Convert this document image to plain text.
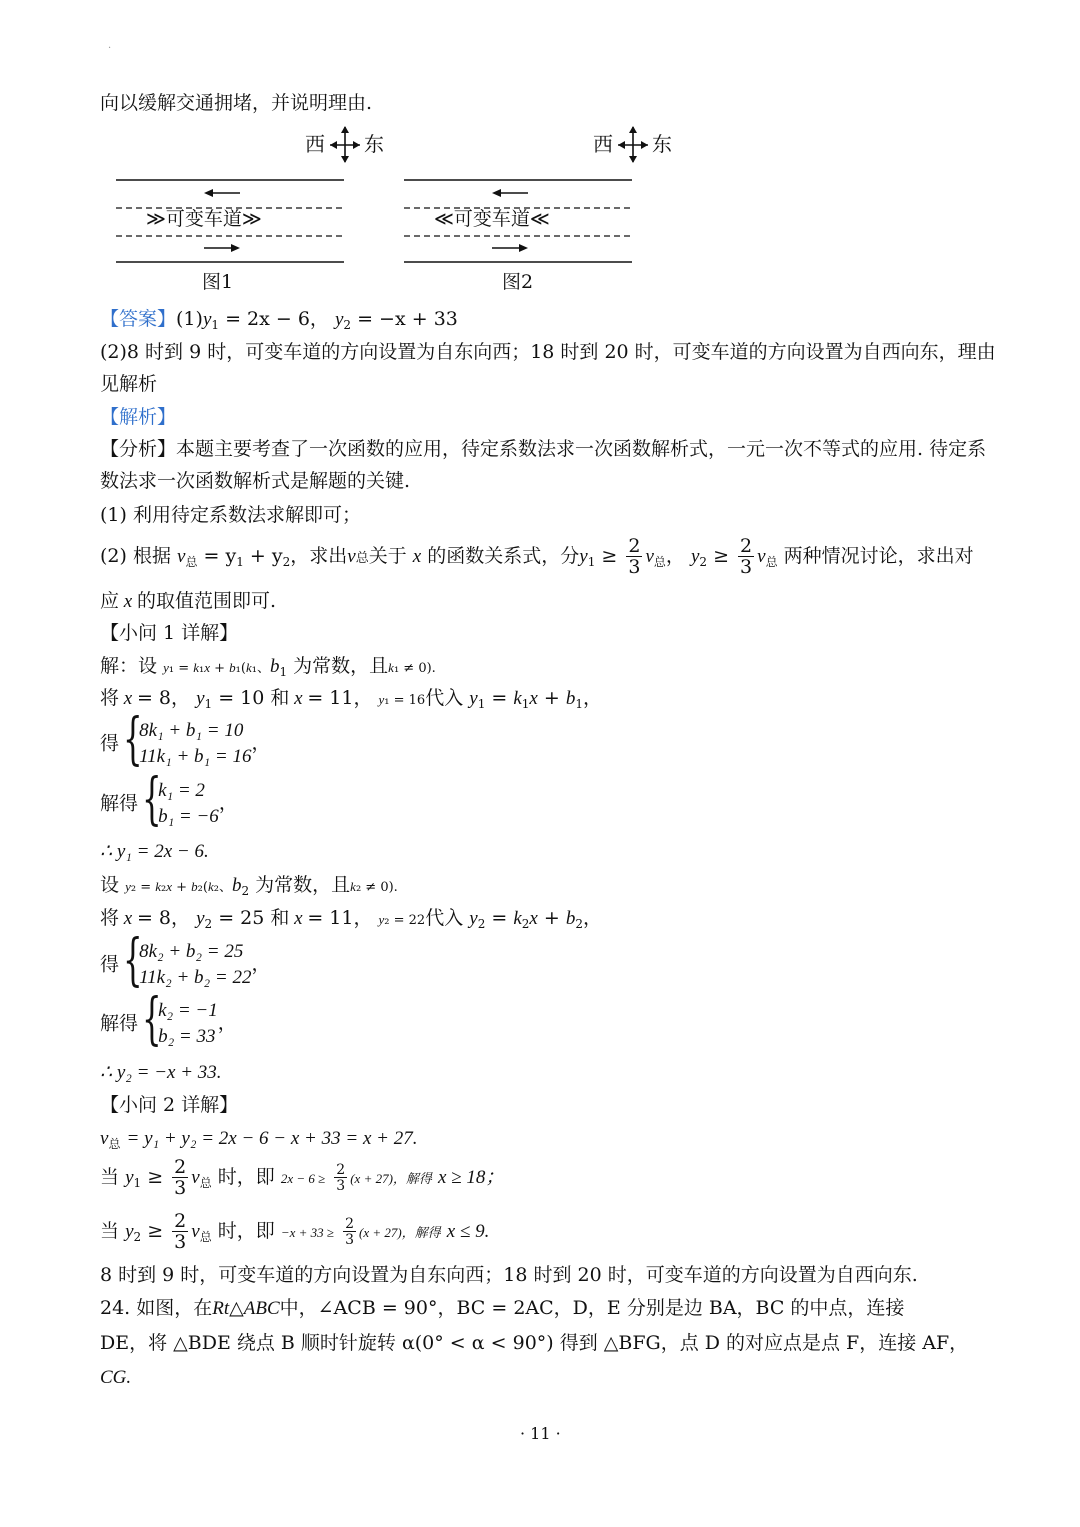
·
向以缓解交通拥堵，并说明理由.
西 东	西 东
≫可变车道≫
图1
≪可变车道≪
图2
【答案】$(1)y_1 = 2x - 6$， $y_2 = -x + 33$
(2)8 时到 9 时，可变车道的方向设置为自东向西；18 时到 20 时，可变车道的方向设置为自西向东，理由
见解析
【解析】
【分析】本题主要考查了一次函数的应用，待定系数法求一次函数解析式，一元一次不等式的应用. 待定系
数法求一次函数解析式是解题的关键.
(1) 利用待定系数法求解即可；
(2) 根据 $v_总 = y_1 + y_2$，求出v总关于 x 的函数关系式，分$y_1 \ge \frac{2}{3} v_总$， $y_2 \ge \frac{2}{3} v_总$ 两种情况讨论，求出对
应 x 的取值范围即可.
【小问 1 详解】
解：设 y₁ = k₁x + b₁(k₁、$b_1$ 为常数，且k₁ ≠ 0).
将 x = 8， $y_1 = 10$ 和 x = 11， y₁ = 16代入 $y_1 = k_1x + b_1$，
得 {
8k₁ + b₁ = 10
11k₁ + b₁ = 16
，
解得 {
k₁ = 2
b₁ = −6
，
∴ y₁ = 2x − 6.
设 y₂ = k₂x + b₂(k₂、$b_2$ 为常数，且k₂ ≠ 0).
将 x = 8， $y_2 = 25$ 和 x = 11， y₂ = 22代入 $y_2 = k_2x + b_2$，
得 {
8k₂ + b₂ = 25
11k₂ + b₂ = 22
，
解得 {
k₂ = −1
b₂ = 33
，
∴ y₂ = −x + 33.
【小问 2 详解】
$v_总 = y_1 + y_2 = 2x - 6 - x + 33 = x + 27$.
当 $y_1 \ge \frac{2}{3} v_总$ 时，即 $2x - 6 \ge \frac{2}{3} (x + 27)$，解得 x ≥ 18；
当 $y_2 \ge \frac{2}{3} v_总$ 时，即 $-x + 33 \ge \frac{2}{3} (x + 27)$，解得 x ≤ 9.
8 时到 9 时，可变车道的方向设置为自东向西；18 时到 20 时，可变车道的方向设置为自西向东.
24. 如图，在Rt△ABC中，∠ACB = 90°，BC = 2AC，D，E 分别是边 BA，BC 的中点，连接
DE，将 △BDE 绕点 B 顺时针旋转 α(0° < α < 90°) 得到 △BFG，点 D 的对应点是点 F，连接 AF，
CG.
· 11 ·
